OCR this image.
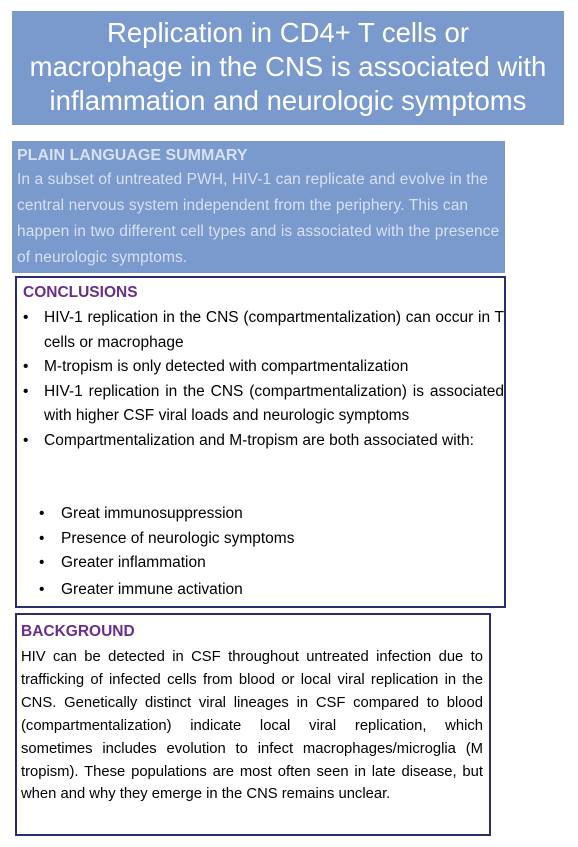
Replication in CD4+ T cells or
macrophage in the CNS is associated with
inflammation and neurologic symptoms
PLAIN LANGUAGE SUMMARY
In a subset of untreated PWH, HIV-1 can replicate and evolve in the central nervous system independent from the periphery. This can happen in two different cell types and is associated with the presence of neurologic symptoms.
CONCLUSIONS
• HIV-1 replication in the CNS (compartmentalization) can occur in T cells or macrophage
• M-tropism is only detected with compartmentalization
• HIV-1 replication in the CNS (compartmentalization) is associated with higher CSF viral loads and neurologic symptoms
• Compartmentalization and M-tropism are both associated with:
• Great immunosuppression
• Presence of neurologic symptoms
• Greater inflammation
• Greater immune activation
BACKGROUND
HIV can be detected in CSF throughout untreated infection due to trafficking of infected cells from blood or local viral replication in the CNS. Genetically distinct viral lineages in CSF compared to blood (compartmentalization) indicate local viral replication, which sometimes includes evolution to infect macrophages/microglia (M tropism). These populations are most often seen in late disease, but when and why they emerge in the CNS remains unclear.
